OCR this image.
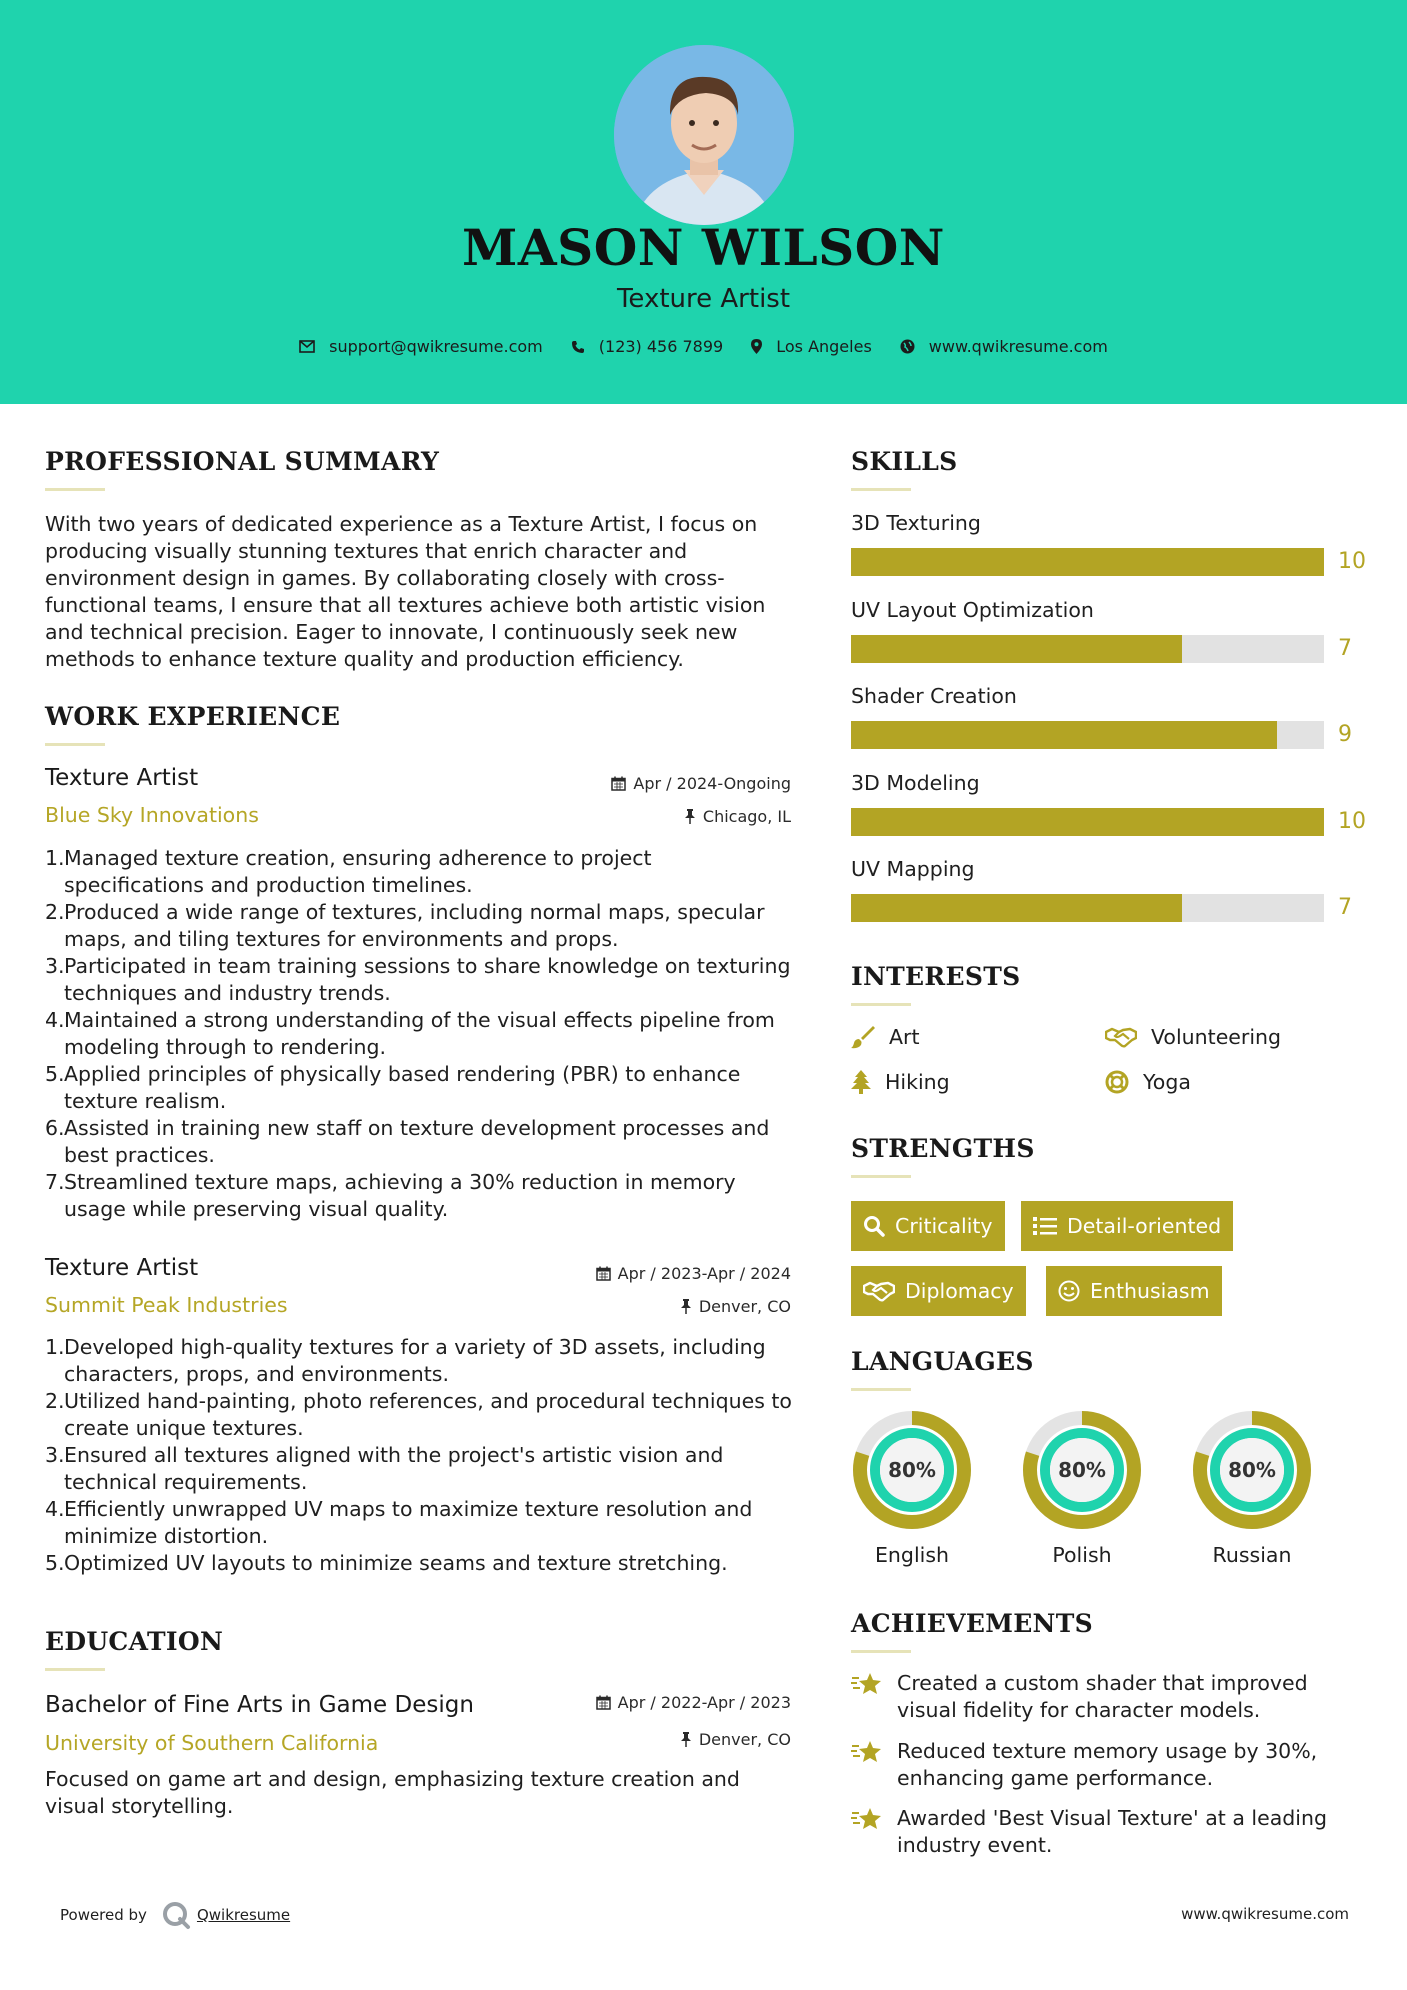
MASON WILSON
Texture Artist
support@qwikresume.com	(123) 456 7899	Los Angeles	www.qwikresume.com
PROFESSIONAL SUMMARY
With two years of dedicated experience as a Texture Artist, I focus on producing visually stunning textures that enrich character and environment design in games. By collaborating closely with cross-functional teams, I ensure that all textures achieve both artistic vision and technical precision. Eager to innovate, I continuously seek new methods to enhance texture quality and production efficiency.
WORK EXPERIENCE
Texture Artist
Blue Sky Innovations
Apr / 2024-Ongoing
Chicago, IL
1. Managed texture creation, ensuring adherence to project specifications and production timelines.
2. Produced a wide range of textures, including normal maps, specular maps, and tiling textures for environments and props.
3. Participated in team training sessions to share knowledge on texturing techniques and industry trends.
4. Maintained a strong understanding of the visual effects pipeline from modeling through to rendering.
5. Applied principles of physically based rendering (PBR) to enhance texture realism.
6. Assisted in training new staff on texture development processes and best practices.
7. Streamlined texture maps, achieving a 30% reduction in memory usage while preserving visual quality.
Texture Artist
Summit Peak Industries
Apr / 2023-Apr / 2024
Denver, CO
1. Developed high-quality textures for a variety of 3D assets, including characters, props, and environments.
2. Utilized hand-painting, photo references, and procedural techniques to create unique textures.
3. Ensured all textures aligned with the project's artistic vision and technical requirements.
4. Efficiently unwrapped UV maps to maximize texture resolution and minimize distortion.
5. Optimized UV layouts to minimize seams and texture stretching.
EDUCATION
Bachelor of Fine Arts in Game Design
University of Southern California
Apr / 2022-Apr / 2023
Denver, CO
Focused on game art and design, emphasizing texture creation and visual storytelling.
SKILLS
3D Texturing
10
UV Layout Optimization
7
Shader Creation
9
3D Modeling
10
UV Mapping
7
INTERESTS
Art	Volunteering
Hiking	Yoga
STRENGTHS
Criticality	Detail-oriented
Diplomacy	Enthusiasm
LANGUAGES
80%
English
80%
Polish
80%
Russian
ACHIEVEMENTS
Created a custom shader that improved visual fidelity for character models.
Reduced texture memory usage by 30%, enhancing game performance.
Awarded 'Best Visual Texture' at a leading industry event.
Powered by	Qwikresume	www.qwikresume.com
